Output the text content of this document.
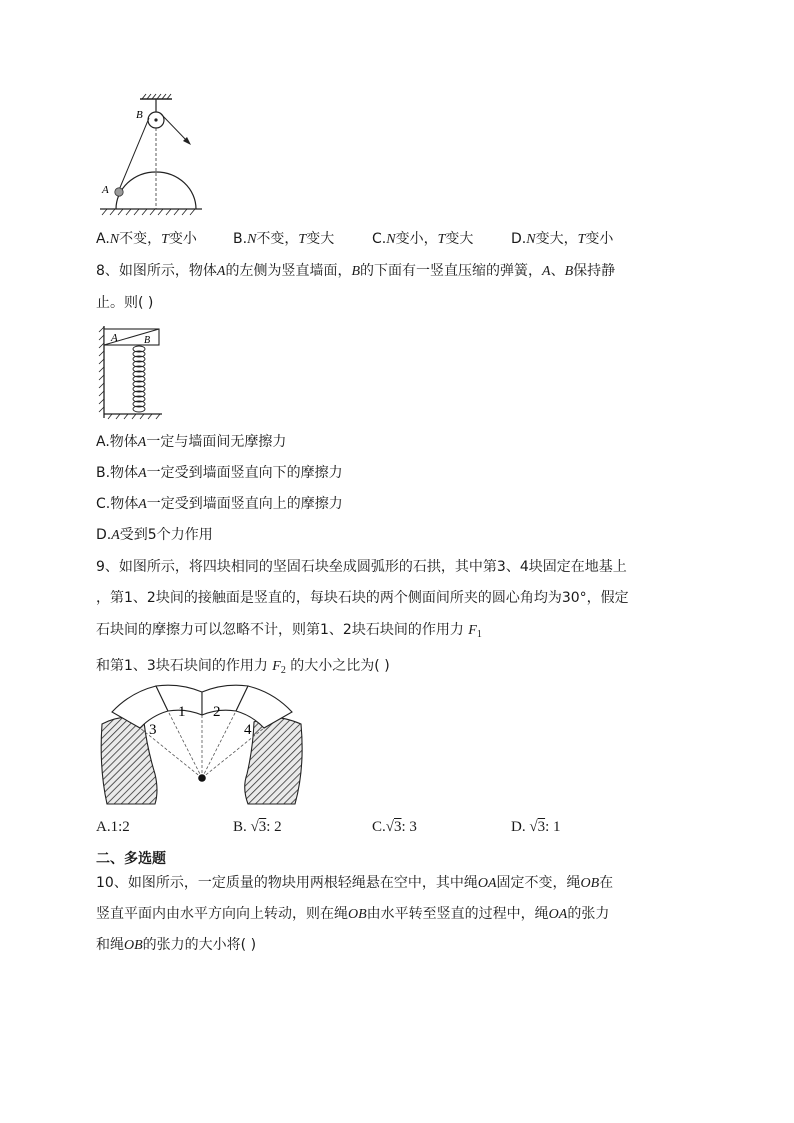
B
A
A.N不变，T变小	B.N不变，T变大	C.N变小，T变大	D.N变大，T变小
8、如图所示，物体A的左侧为竖直墙面，B的下面有一竖直压缩的弹簧，A、B保持静
止。则( )
A	B
A.物体A一定与墙面间无摩擦力
B.物体A一定受到墙面竖直向下的摩擦力
C.物体A一定受到墙面竖直向上的摩擦力
D.A受到5个力作用
9、如图所示，将四块相同的坚固石块垒成圆弧形的石拱，其中第3、4块固定在地基上
，第1、2块间的接触面是竖直的，每块石块的两个侧面间所夹的圆心角均为30°，假定
石块间的摩擦力可以忽略不计，则第1、2块石块间的作用力 $F_1$
和第1、3块石块间的作用力 $F_2$ 的大小之比为( )
3
1 2
4
A.1:2	B. √3: 2	C.√3: 3	D. √3: 1
二、多选题
10、如图所示，一定质量的物块用两根轻绳悬在空中，其中绳OA固定不变，绳OB在
竖直平面内由水平方向向上转动，则在绳OB由水平转至竖直的过程中，绳OA的张力
和绳OB的张力的大小将( )
